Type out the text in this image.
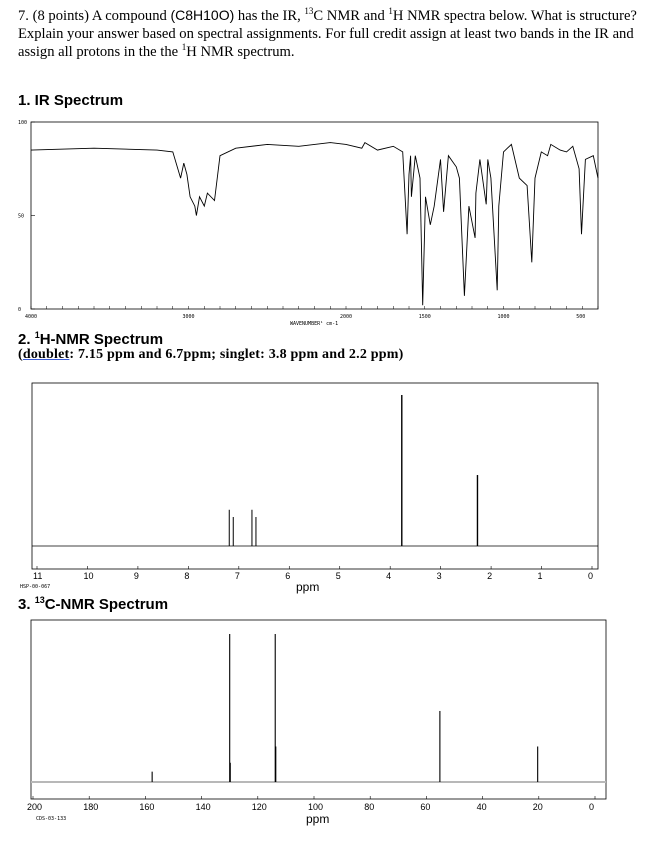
7. (8 points) A compound (C8H10O) has the IR, $^{13}$C NMR and $^1$H NMR spectra below. What is structure? Explain your answer based on spectral assignments. For full credit assign at least two bands in the IR and assign all protons in the the $^1$H NMR spectrum.
1. IR Spectrum
2. $^1$H-NMR Spectrum
(doublet: 7.15 ppm and 6.7ppm; singlet: 3.8 ppm and 2.2 ppm)
3. $^{13}$C-NMR Spectrum
100
50
0
4000	3000	2000	1500	1000	500
WAVENUMBER¹ cm-1
11	10	9	8	7	6	5	4	3	2	1	0
ppm
HSP-00-067
200	180	160	140	120	100	80	60	40	20	0
ppm
CDS-03-133
